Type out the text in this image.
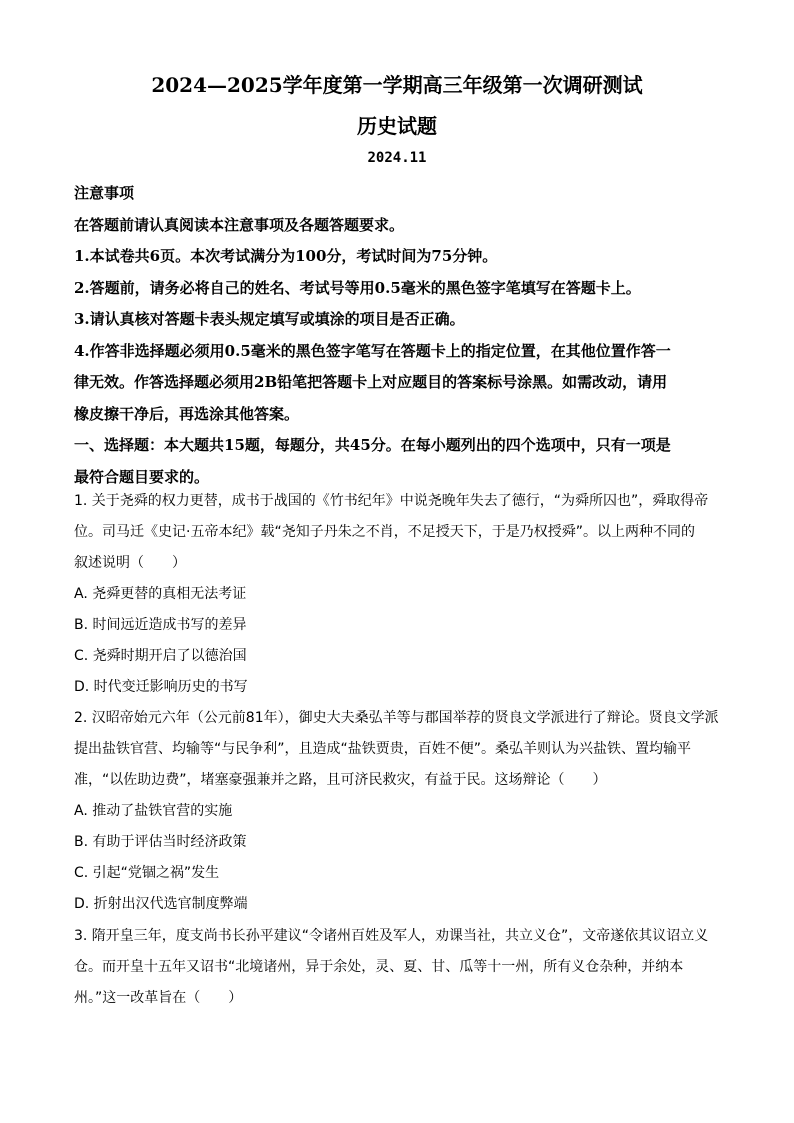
2024—2025学年度第一学期高三年级第一次调研测试
历史试题
2024.11

注意事项

在答题前请认真阅读本注意事项及各题答题要求。

1.本试卷共6页。本次考试满分为100分，考试时间为75分钟。

2.答题前，请务必将自己的姓名、考试号等用0.5毫米的黑色签字笔填写在答题卡上。

3.请认真核对答题卡表头规定填写或填涂的项目是否正确。

4.作答非选择题必须用0.5毫米的黑色签字笔写在答题卡上的指定位置，在其他位置作答一

律无效。作答选择题必须用2B铅笔把答题卡上对应题目的答案标号涂黑。如需改动，请用

橡皮擦干净后，再选涂其他答案。

一、选择题：本大题共15题，每题分，共45分。在每小题列出的四个选项中，只有一项是

最符合题目要求的。

1. 关于尧舜的权力更替，成书于战国的《竹书纪年》中说尧晚年失去了德行，“为舜所囚也”，舜取得帝

位。司马迁《史记·五帝本纪》载“尧知子丹朱之不肖，不足授天下，于是乃权授舜”。以上两种不同的

叙述说明（　　）

A. 尧舜更替的真相无法考证

B. 时间远近造成书写的差异

C. 尧舜时期开启了以德治国

D. 时代变迁影响历史的书写

2. 汉昭帝始元六年（公元前81年），御史大夫桑弘羊等与郡国举荐的贤良文学派进行了辩论。贤良文学派

提出盐铁官营、均输等“与民争利”，且造成“盐铁贾贵，百姓不便”。桑弘羊则认为兴盐铁、置均输平

准，“以佐助边费”，堵塞豪强兼并之路，且可济民救灾，有益于民。这场辩论（　　）

A. 推动了盐铁官营的实施

B. 有助于评估当时经济政策

C. 引起“党锢之祸”发生

D. 折射出汉代选官制度弊端

3. 隋开皇三年，度支尚书长孙平建议“令诸州百姓及军人，劝课当社，共立义仓”，文帝遂依其议诏立义

仓。而开皇十五年又诏书“北境诸州，异于余处，灵、夏、甘、瓜等十一州，所有义仓杂种，并纳本

州。”这一改革旨在（　　）
